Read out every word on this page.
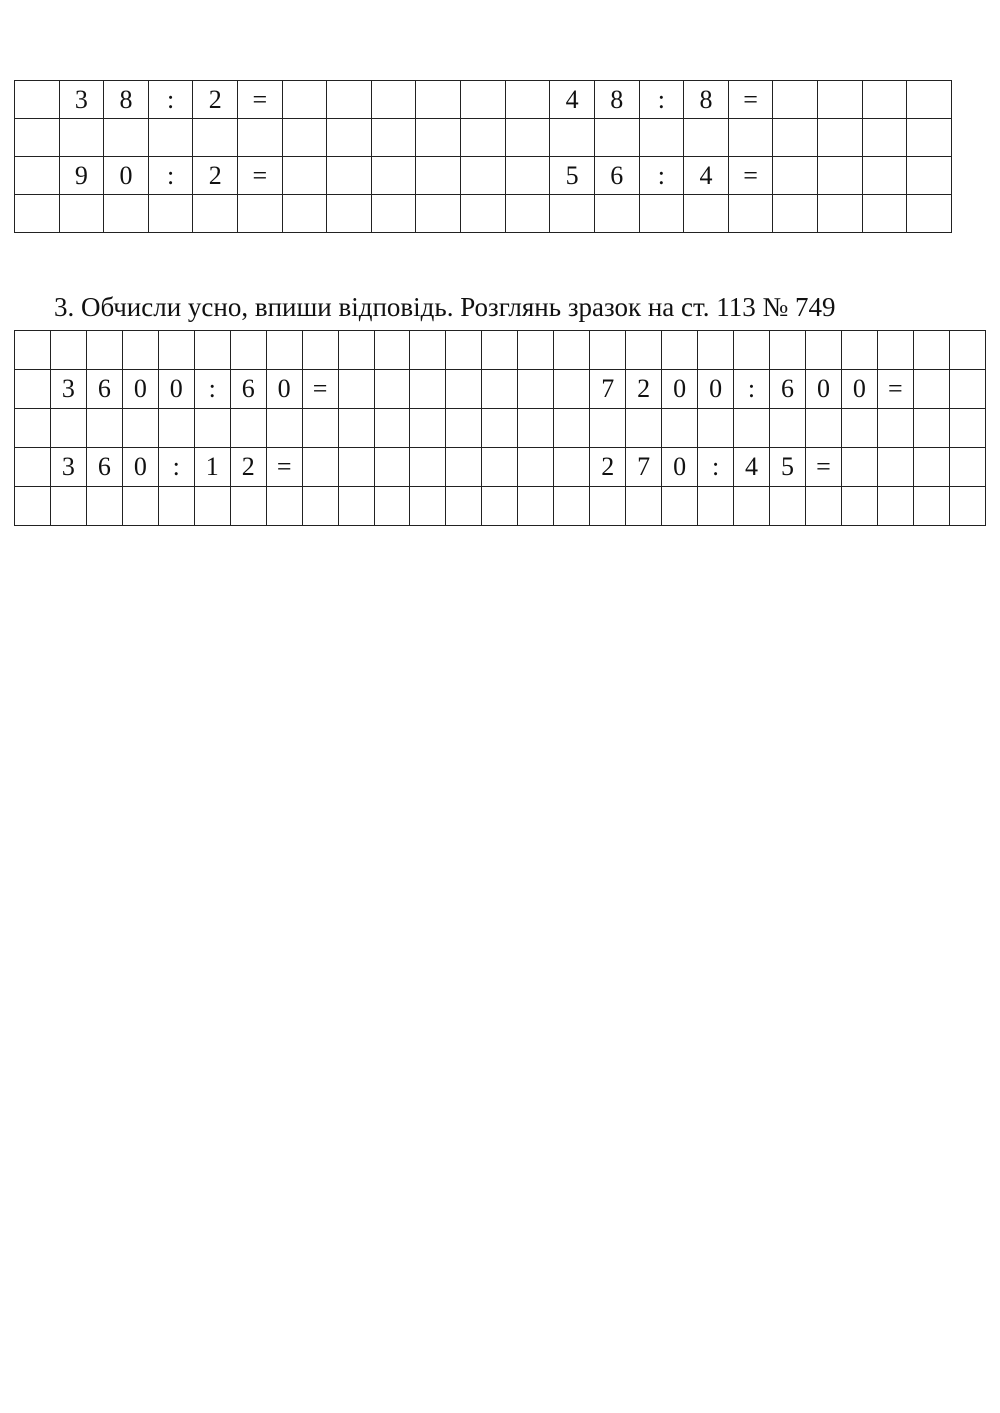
	3	8	:	2	=							4	8	:	8	=				

	9	0	:	2	=							5	6	:	4	=				

3. Обчисли усно, впиши відповідь. Розглянь зразок на ст. 113 № 749

	3	6	0	0	:	6	0	=								7	2	0	0	:	6	0	0	=		

	3	6	0	:	1	2	=									2	7	0	:	4	5	=				
